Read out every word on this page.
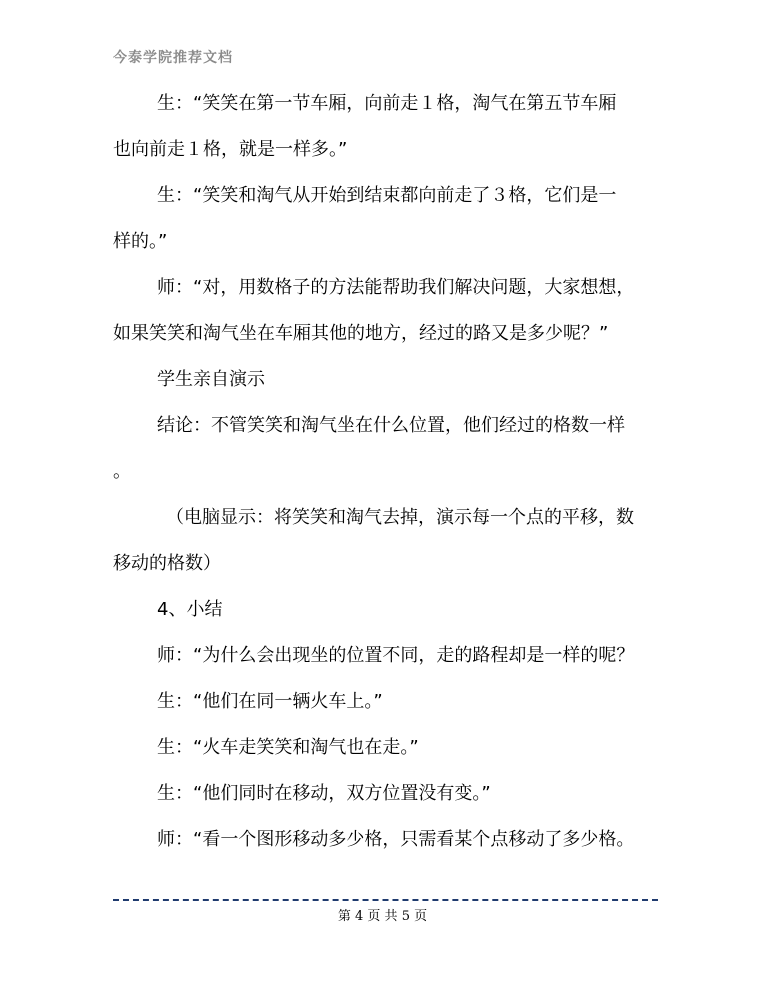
今泰学院推荐文档
生：“笑笑在第一节车厢，向前走１格，淘气在第五节车厢
也向前走１格，就是一样多。”
生：“笑笑和淘气从开始到结束都向前走了３格，它们是一
样的。”
师：“对，用数格子的方法能帮助我们解决问题，大家想想，
如果笑笑和淘气坐在车厢其他的地方，经过的路又是多少呢？”
学生亲自演示
结论：不管笑笑和淘气坐在什么位置，他们经过的格数一样
。
（电脑显示：将笑笑和淘气去掉，演示每一个点的平移，数
移动的格数）
4、小结
师：“为什么会出现坐的位置不同，走的路程却是一样的呢？
生：“他们在同一辆火车上。”
生：“火车走笑笑和淘气也在走。”
生：“他们同时在移动，双方位置没有变。”
师：“看一个图形移动多少格，只需看某个点移动了多少格。
第 4 页 共 5 页
